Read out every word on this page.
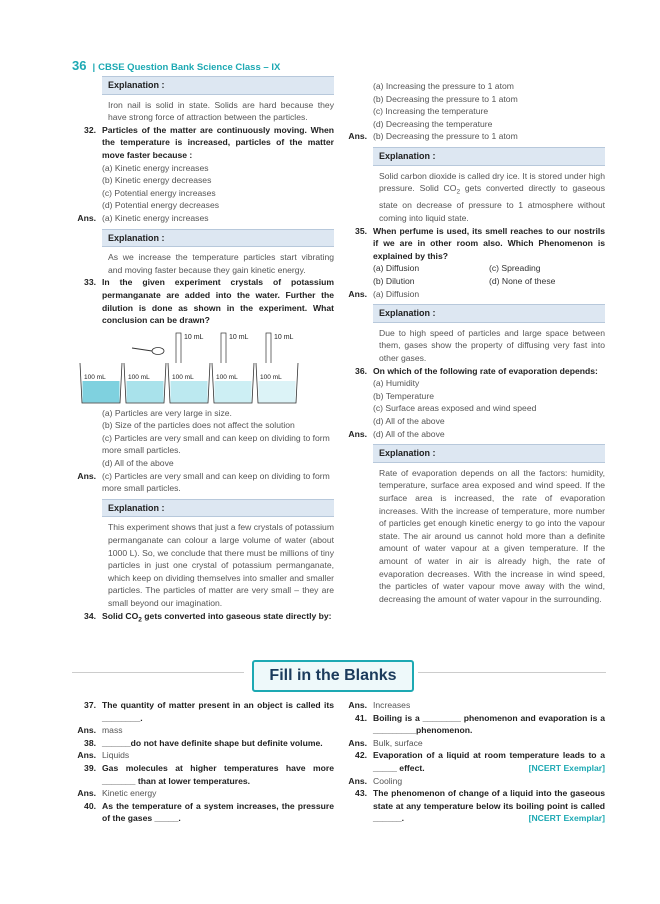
36 | CBSE Question Bank Science Class – IX
Explanation :
Iron nail is solid in state. Solids are hard because they have strong force of attraction between the particles.
32. Particles of the matter are continuously moving. When the temperature is increased, particles of the matter move faster because :
(a) Kinetic energy increases
(b) Kinetic energy decreases
(c) Potential energy increases
(d) Potential energy decreases
Ans. (a) Kinetic energy increases
Explanation :
As we increase the temperature particles start vibrating and moving faster because they gain kinetic energy.
33. In the given experiment crystals of potassium permanganate are added into the water. Further the dilution is done as shown in the experiment. What conclusion can be drawn?
10 mL	10 mL	10 mL
100 mL	100 mL	100 mL	100 mL	100 mL
(a) Particles are very large in size.
(b) Size of the particles does not affect the solution
(c) Particles are very small and can keep on dividing to form more small particles.
(d) All of the above
Ans. (c) Particles are very small and can keep on dividing to form more small particles.
Explanation :
This experiment shows that just a few crystals of potassium permanganate can colour a large volume of water (about 1000 L). So, we conclude that there must be millions of tiny particles in just one crystal of potassium permanganate, which keep on dividing themselves into smaller and smaller particles. The particles of matter are very small – they are small beyond our imagination.
34. Solid $CO_2$ gets converted into gaseous state directly by:
(a) Increasing the pressure to 1 atom
(b) Decreasing the pressure to 1 atom
(c) Increasing the temperature
(d) Decreasing the temperature
Ans. (b) Decreasing the pressure to 1 atom
Explanation :
Solid carbon dioxide is called dry ice. It is stored under high pressure. Solid $CO_2$ gets converted directly to gaseous state on decrease of pressure to 1 atmosphere without coming into liquid state.
35. When perfume is used, its smell reaches to our nostrils if we are in other room also. Which Phenomenon is explained by this?
(a) Diffusion	(c) Spreading
(b) Dilution	(d) None of these
Ans. (a) Diffusion
Explanation :
Due to high speed of particles and large space between them, gases show the property of diffusing very fast into other gases.
36. On which of the following rate of evaporation depends:
(a) Humidity
(b) Temperature
(c) Surface areas exposed and wind speed
(d) All of the above
Ans. (d) All of the above
Explanation :
Rate of evaporation depends on all the factors: humidity, temperature, surface area exposed and wind speed. If the surface area is increased, the rate of evaporation increases. With the increase of temperature, more number of particles get enough kinetic energy to go into the vapour state. The air around us cannot hold more than a definite amount of water vapour at a given temperature. If the amount of water in air is already high, the rate of evaporation decreases. With the increase in wind speed, the particles of water vapour move away with the wind, decreasing the amount of water vapour in the surrounding.
Fill in the Blanks
37. The quantity of matter present in an object is called its ________.
Ans. mass
38. ______do not have definite shape but definite volume.
Ans. Liquids
39. Gas molecules at higher temperatures have more _______ than at lower temperatures.
Ans. Kinetic energy
40. As the temperature of a system increases, the pressure of the gases _____.
Ans. Increases
41. Boiling is a ________ phenomenon and evaporation is a _________phenomenon.
Ans. Bulk, surface
42. Evaporation of a liquid at room temperature leads to a _____ effect.	[NCERT Exemplar]
Ans. Cooling
43. The phenomenon of change of a liquid into the gaseous state at any temperature below its boiling point is called ______.	[NCERT Exemplar]
